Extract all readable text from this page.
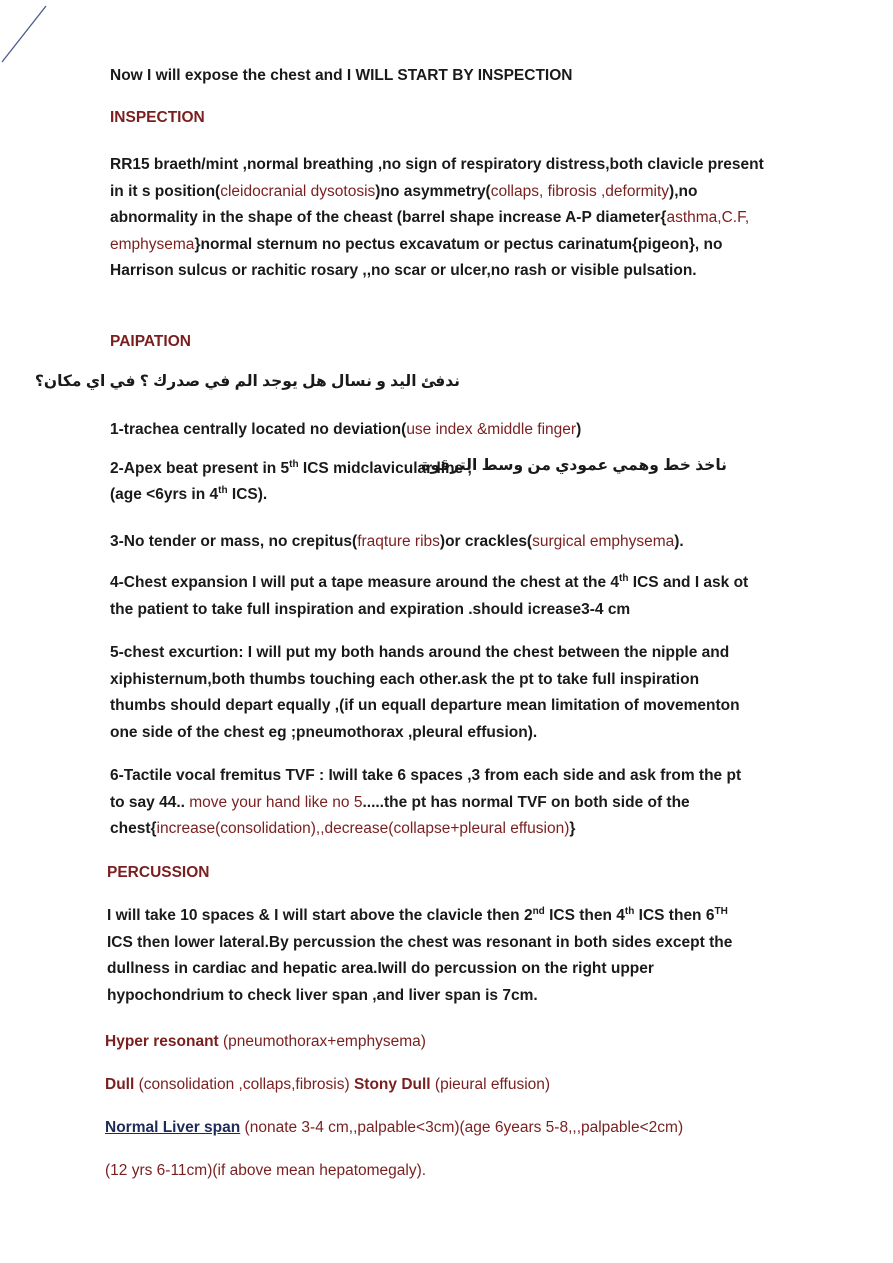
Now I will expose the chest and I WILL START BY INSPECTION
INSPECTION
RR15 braeth/mint ,normal breathing ,no sign of respiratory distress,both clavicle present in it s position(cleidocranial dysotosis)no asymmetry(collaps, fibrosis ,deformity),no abnormality in the shape of the cheast (barrel shape increase A-P diameter{asthma,C.F, emphysema}normal sternum no pectus excavatum or pectus carinatum{pigeon}, no Harrison sulcus or rachitic rosary ,,no scar or ulcer,no rash or visible pulsation.
PAIPATION
ندفئ اليد و نسال هل يوجد الم في صدرك ؟ في اي مكان؟
1-trachea centrally located no deviation(use index &middle finger)
2-Apex beat present in 5th ICS midclavicular line ,
ناخذ خط وهمي عمودي من وسط الترقوة
(age <6yrs in 4th ICS).
3-No tender or mass, no crepitus(fraqture ribs)or crackles(surgical emphysema).
4-Chest expansion I will put a tape measure around the chest at the 4th ICS and I ask ot the patient to take full inspiration and expiration .should icrease3-4 cm
5-chest excurtion: I will put my both hands around the chest between the nipple and xiphisternum,both thumbs touching each other.ask the pt to take full inspiration thumbs should depart equally ,(if un equall departure mean limitation of movementon one side of the chest eg ;pneumothorax ,pleural effusion).
6-Tactile vocal fremitus TVF : Iwill take 6 spaces ,3 from each side and ask from the pt to say 44.. move your hand like no 5.....the pt has normal TVF on both side of the chest{increase(consolidation),,decrease(collapse+pleural effusion)}
PERCUSSION
I will take 10 spaces & I will start above the clavicle then 2nd ICS then 4th ICS then 6TH ICS then lower lateral.By percussion the chest was resonant in both sides except the dullness in cardiac and hepatic area.Iwill do percussion on the right upper hypochondrium to check liver span ,and liver span is 7cm.
Hyper resonant (pneumothorax+emphysema)
Dull (consolidation ,collaps,fibrosis) Stony Dull (pieural effusion)
Normal Liver span (nonate 3-4 cm,,palpable<3cm)(age 6years 5-8,,,palpable<2cm)
(12 yrs 6-11cm)(if above mean hepatomegaly).
